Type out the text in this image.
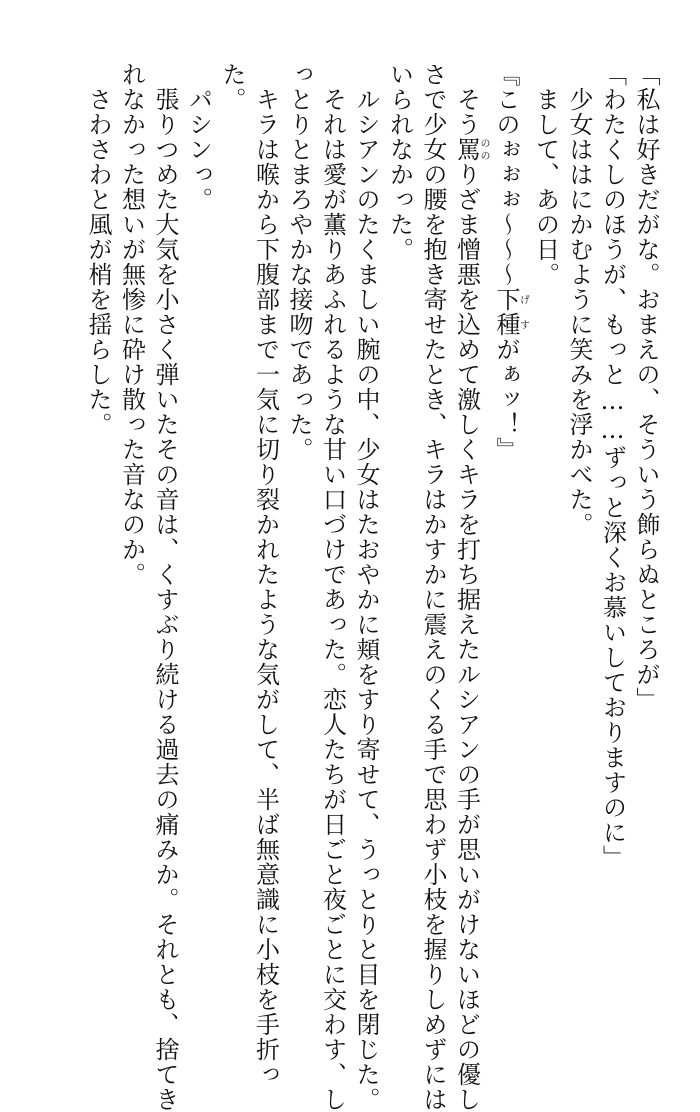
「私は好きだがな。おまえの、そういう飾らぬところが」
「わたくしのほうが、もっと……ずっと深くお慕いしておりますのに」
　少女ははにかむように笑みを浮かべた。
　まして、あの日。
『このぉぉぉ～～～下種げすがぁッ！』
　そう罵ののりざま憎悪を込めて激しくキラを打ち据えたルシアンの手が思いがけないほどの優し
さで少女の腰を抱き寄せたとき、キラはかすかに震えのくる手で思わず小枝を握りしめずには
いられなかった。
　ルシアンのたくましい腕の中、少女はたおやかに頬をすり寄せて、うっとりと目を閉じた。
　それは愛が薫りあふれるような甘い口づけであった。恋人たちが日ごと夜ごとに交わす、し
っとりとまろやかな接吻であった。
　キラは喉から下腹部まで一気に切り裂かれたような気がして、半ば無意識に小枝を手折っ
た。
　パシンっ。
　張りつめた大気を小さく弾いたその音は、くすぶり続ける過去の痛みか。それとも、捨てき
れなかった想いが無惨に砕け散った音なのか。
　さわさわと風が梢を揺らした。
